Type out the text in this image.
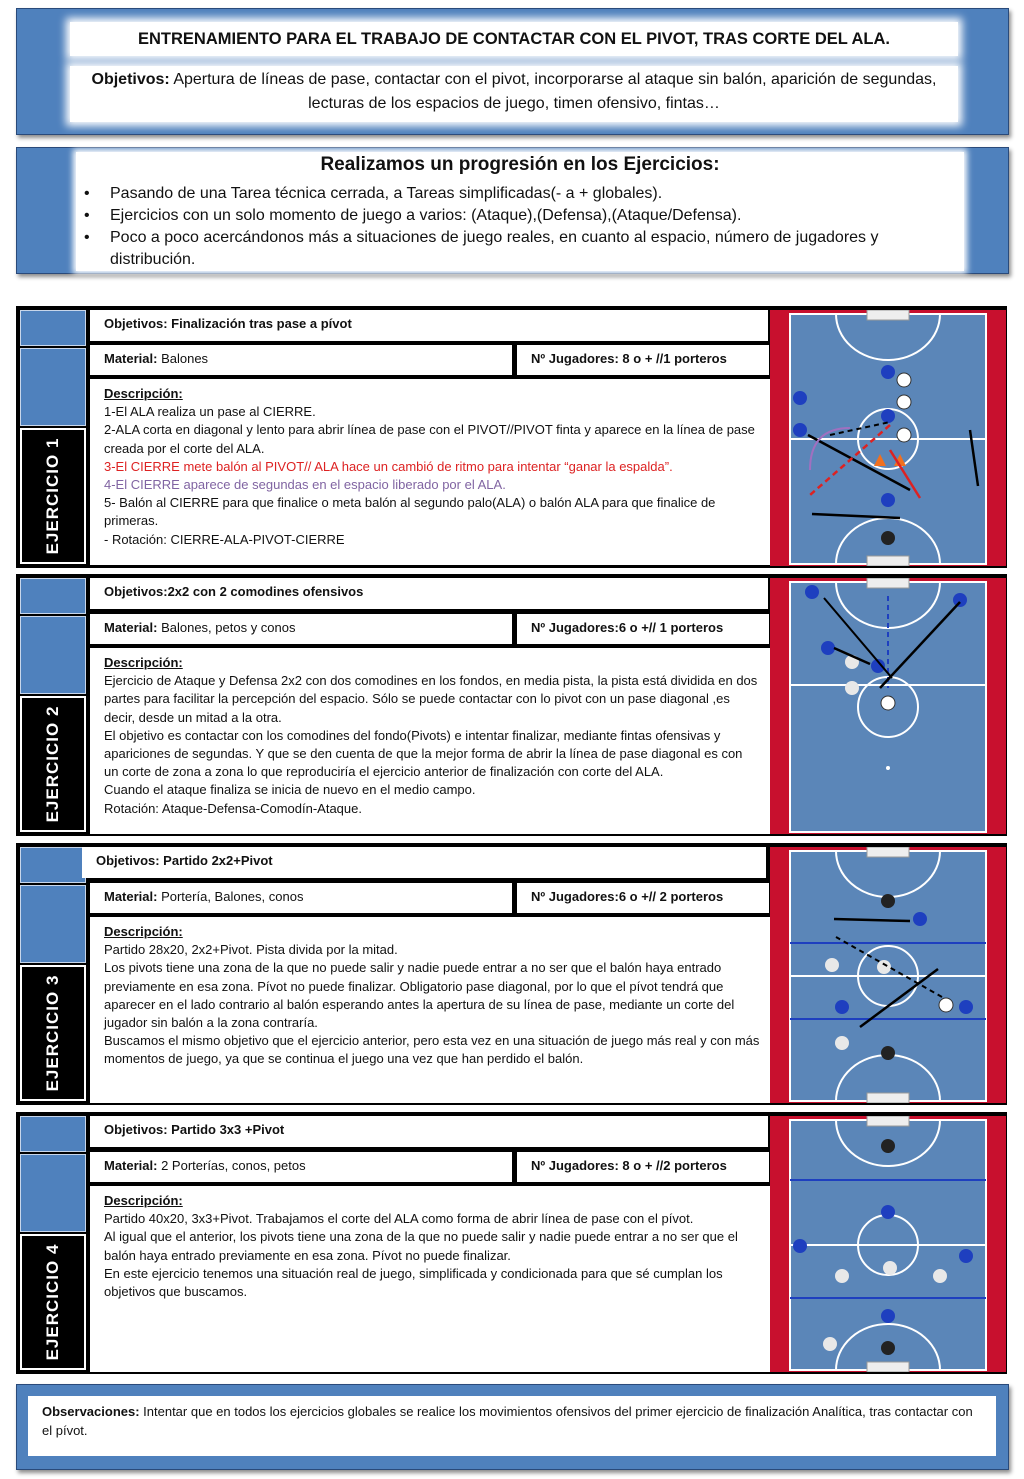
ENTRENAMIENTO PARA EL TRABAJO DE CONTACTAR CON EL PIVOT, TRAS CORTE DEL ALA.
Objetivos: Apertura de líneas de pase, contactar con el pivot, incorporarse al ataque sin balón, aparición de segundas, lecturas de los espacios de juego, timen ofensivo, fintas…
Realizamos un progresión en los Ejercicios:
• Pasando de una Tarea técnica cerrada, a Tareas simplificadas(- a + globales).
• Ejercicios con un solo momento de juego a varios: (Ataque),(Defensa),(Ataque/Defensa).
• Poco a poco acercándonos más a situaciones de juego reales, en cuanto al espacio, número de jugadores y distribución.
EJERCICIO 1
Objetivos: Finalización tras pase a pívot
Material: Balones	Nº Jugadores: 8 o + //1 porteros

Descripción:

1-El ALA realiza un pase al CIERRE.

2-ALA corta en diagonal y lento para abrir línea de pase con el PIVOT//PIVOT finta y aparece en la línea de pase creada por el corte del ALA.

3-El CIERRE mete balón al PIVOT// ALA hace un cambió de ritmo para intentar “ganar la espalda”.

4-El CIERRE aparece de segundas en el espacio liberado por el ALA.

5- Balón al CIERRE para que finalice o meta balón al segundo palo(ALA) o balón ALA para que finalice de primeras.

- Rotación: CIERRE-ALA-PIVOT-CIERRE

EJERCICIO 2
Objetivos:2x2 con 2 comodines ofensivos
Material: Balones, petos y conos	Nº Jugadores:6 o +// 1 porteros

Descripción:

Ejercicio de Ataque y Defensa 2x2 con dos comodines en los fondos, en media pista, la pista está dividida en dos partes para facilitar la percepción del espacio. Sólo se puede contactar con lo pivot con un pase diagonal ,es decir, desde un mitad a la otra.

El objetivo es contactar con los comodines del fondo(Pivots) e intentar finalizar, mediante fintas ofensivas y apariciones de segundas. Y que se den cuenta de que la mejor forma de abrir la línea de pase diagonal es con un corte de zona a zona lo que reproduciría el ejercicio anterior de finalización con corte del ALA.

Cuando el ataque finaliza se inicia de nuevo en el medio campo.

Rotación: Ataque-Defensa-Comodín-Ataque.

EJERCICIO 3
Objetivos: Partido 2x2+Pivot
Material: Portería, Balones, conos	Nº Jugadores:6 o +// 2 porteros

Descripción:

Partido 28x20, 2x2+Pivot. Pista divida por la mitad.

Los pivots tiene una zona de la que no puede salir y nadie puede entrar a no ser que el balón haya entrado previamente en esa zona. Pívot no puede finalizar. Obligatorio pase diagonal, por lo que el pívot tendrá que aparecer en el lado contrario al balón esperando antes la apertura de su línea de pase, mediante un corte del jugador sin balón a la zona contraría.

Buscamos el mismo objetivo que el ejercicio anterior, pero esta vez en una situación de juego más real y con más momentos de juego, ya que se continua el juego una vez que han perdido el balón.

EJERCICIO 4
Objetivos: Partido 3x3 +Pivot
Material: 2 Porterías, conos, petos	Nº Jugadores: 8 o + //2 porteros

Descripción:

Partido 40x20, 3x3+Pivot. Trabajamos el corte del ALA como forma de abrir línea de pase con el pívot.

Al igual que el anterior, los pivots tiene una zona de la que no puede salir y nadie puede entrar a no ser que el balón haya entrado previamente en esa zona. Pívot no puede finalizar.

En este ejercicio tenemos una situación real de juego, simplificada y condicionada para que sé cumplan los objetivos que buscamos.

Observaciones: Intentar que en todos los ejercicios globales se realice los movimientos ofensivos del primer ejercicio de finalización Analítica, tras contactar con el pívot.
